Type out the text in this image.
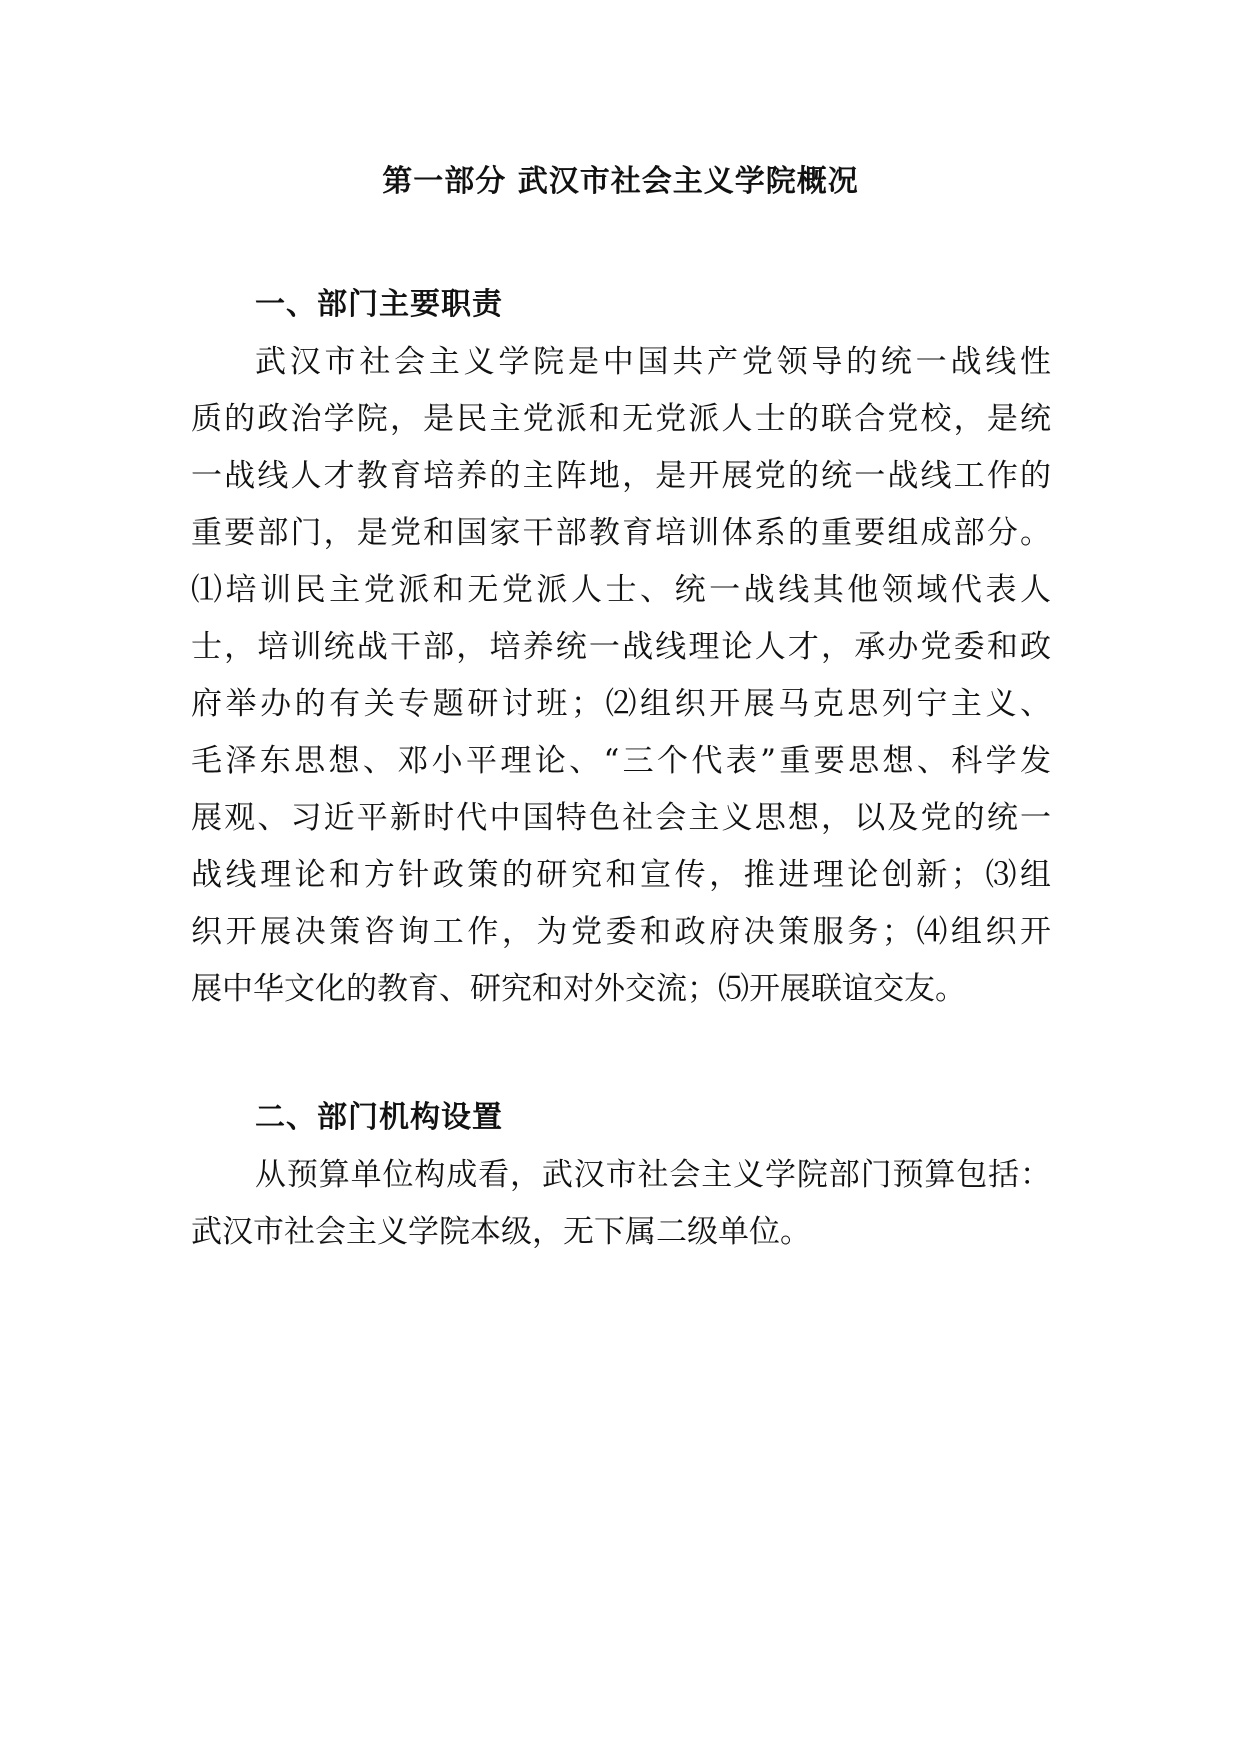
第一部分 武汉市社会主义学院概况
一、部门主要职责
武汉市社会主义学院是中国共产党领导的统一战线性
质的政治学院，是民主党派和无党派人士的联合党校，是统
一战线人才教育培养的主阵地，是开展党的统一战线工作的
重要部门，是党和国家干部教育培训体系的重要组成部分。
⑴培训民主党派和无党派人士、统一战线其他领域代表人
士，培训统战干部，培养统一战线理论人才，承办党委和政
府举办的有关专题研讨班；⑵组织开展马克思列宁主义、
毛泽东思想、邓小平理论、“三个代表”重要思想、科学发
展观、习近平新时代中国特色社会主义思想，以及党的统一
战线理论和方针政策的研究和宣传，推进理论创新；⑶组
织开展决策咨询工作，为党委和政府决策服务；⑷组织开
展中华文化的教育、研究和对外交流；⑸开展联谊交友。
二、部门机构设置
从预算单位构成看，武汉市社会主义学院部门预算包括：
武汉市社会主义学院本级，无下属二级单位。
